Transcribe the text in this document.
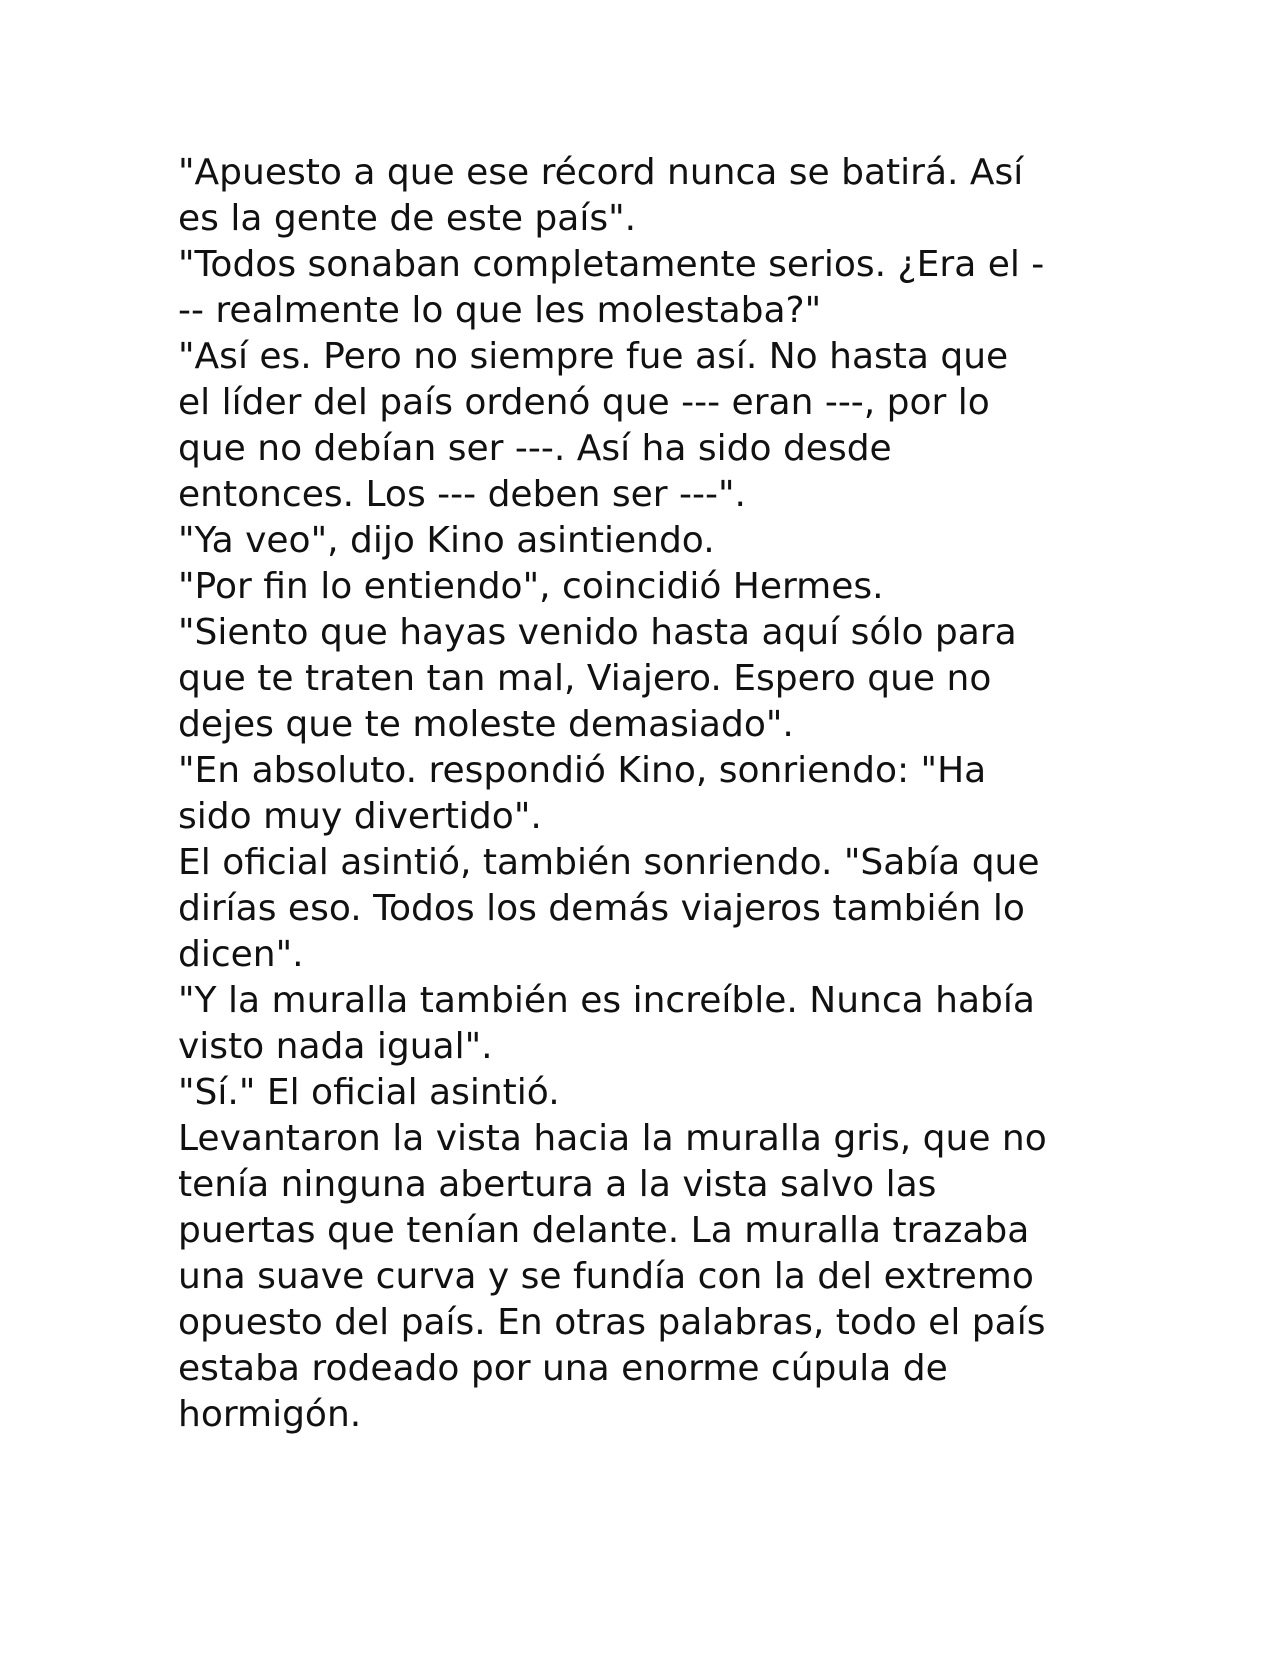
"Apuesto a que ese récord nunca se batirá. Así
es la gente de este país".
"Todos sonaban completamente serios. ¿Era el -
-- realmente lo que les molestaba?"
"Así es. Pero no siempre fue así. No hasta que
el líder del país ordenó que --- eran ---, por lo
que no debían ser ---. Así ha sido desde
entonces. Los --- deben ser ---".
"Ya veo", dijo Kino asintiendo.
"Por fin lo entiendo", coincidió Hermes.
"Siento que hayas venido hasta aquí sólo para
que te traten tan mal, Viajero. Espero que no
dejes que te moleste demasiado".
"En absoluto. respondió Kino, sonriendo: "Ha
sido muy divertido".
El oficial asintió, también sonriendo. "Sabía que
dirías eso. Todos los demás viajeros también lo
dicen".
"Y la muralla también es increíble. Nunca había
visto nada igual".
"Sí." El oficial asintió.
Levantaron la vista hacia la muralla gris, que no
tenía ninguna abertura a la vista salvo las
puertas que tenían delante. La muralla trazaba
una suave curva y se fundía con la del extremo
opuesto del país. En otras palabras, todo el país
estaba rodeado por una enorme cúpula de
hormigón.
